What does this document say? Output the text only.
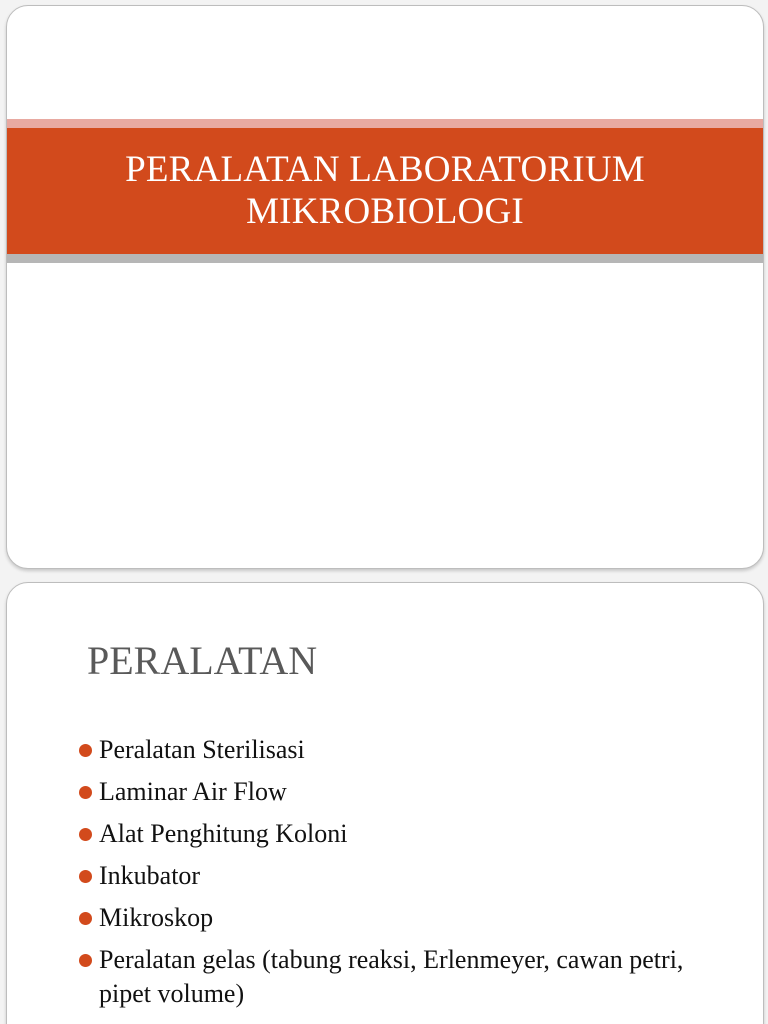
PERALATAN LABORATORIUM
MIKROBIOLOGI
PERALATAN
Peralatan Sterilisasi
Laminar Air Flow
Alat Penghitung Koloni
Inkubator
Mikroskop
Peralatan gelas (tabung reaksi, Erlenmeyer, cawan petri, pipet volume)
